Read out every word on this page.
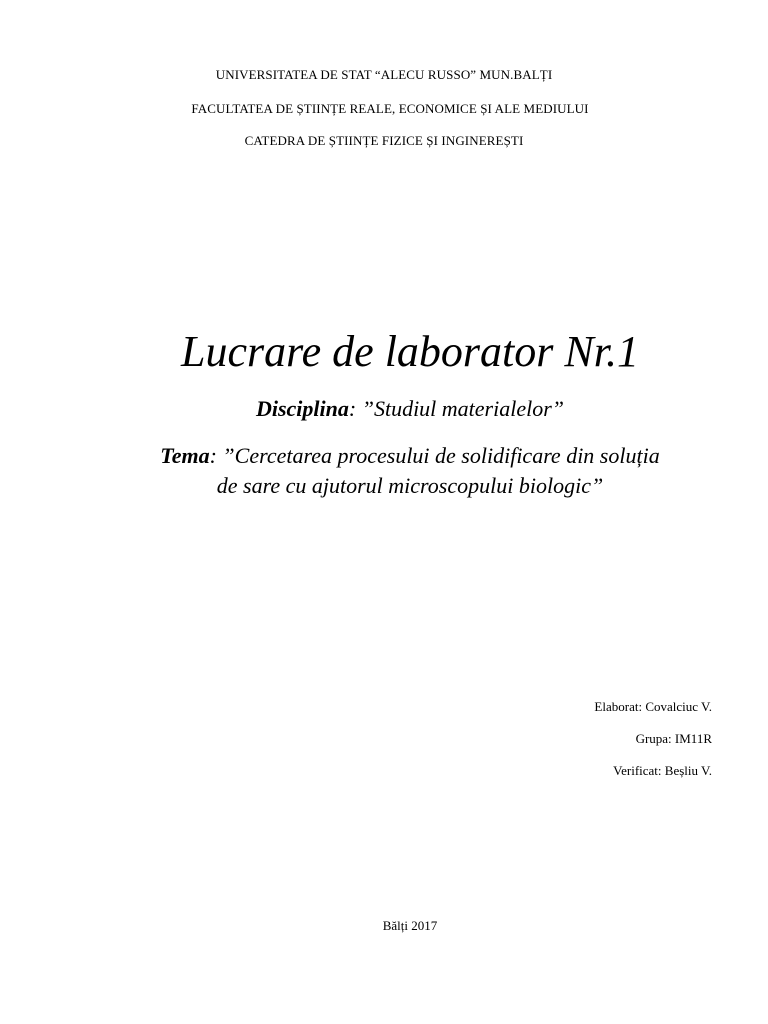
UNIVERSITATEA DE STAT “ALECU RUSSO” MUN.BALȚI
FACULTATEA DE ȘTIINȚE REALE, ECONOMICE ȘI ALE MEDIULUI
CATEDRA DE ȘTIINȚE FIZICE ȘI INGINEREȘTI
Lucrare de laborator Nr.1
Disciplina: ”Studiul materialelor”
Tema: ”Cercetarea procesului de solidificare din soluția
de sare cu ajutorul microscopului biologic”
Elaborat: Covalciuc V.
Grupa: IM11R
Verificat: Beșliu V.
Bălți 2017
